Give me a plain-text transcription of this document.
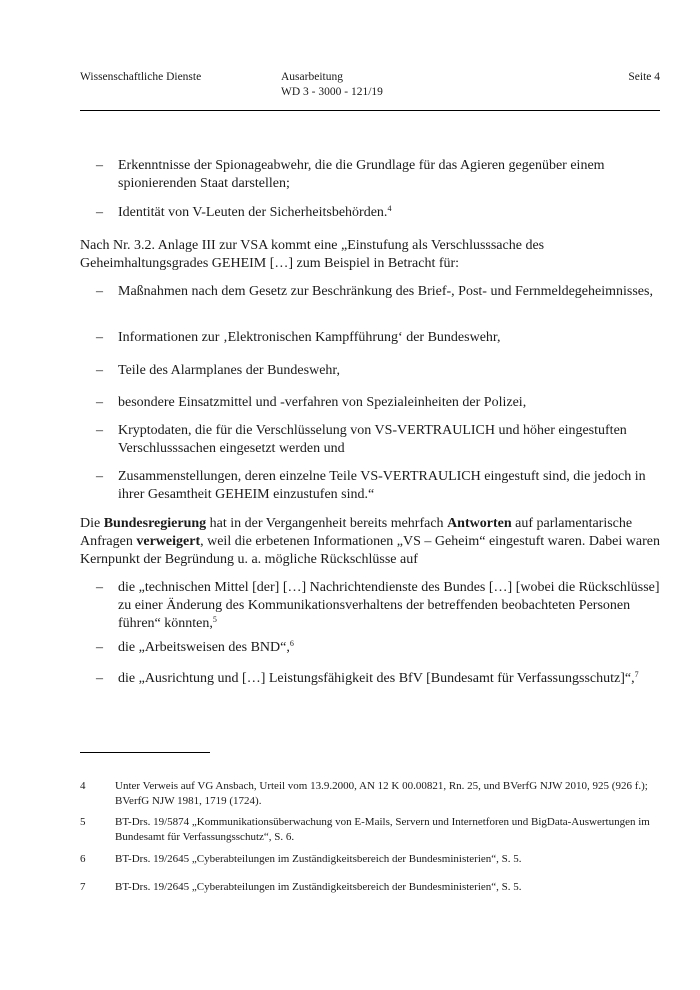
Wissenschaftliche Dienste	Ausarbeitung
WD 3 - 3000 - 121/19
Seite 4
– Erkenntnisse der Spionageabwehr, die die Grundlage für das Agieren gegenüber einem spionierenden Staat darstellen;
– Identität von V-Leuten der Sicherheitsbehörden.$^4$
Nach Nr. 3.2. Anlage III zur VSA kommt eine „Einstufung als Verschlusssache des Geheimhaltungsgrades GEHEIM […] zum Beispiel in Betracht für:
– Maßnahmen nach dem Gesetz zur Beschränkung des Brief-, Post- und Fernmeldegeheimnisses,
– Informationen zur ‚Elektronischen Kampfführung‘ der Bundeswehr,
– Teile des Alarmplanes der Bundeswehr,
– besondere Einsatzmittel und -verfahren von Spezialeinheiten der Polizei,
– Kryptodaten, die für die Verschlüsselung von VS-VERTRAULICH und höher eingestuften Verschlusssachen eingesetzt werden und
– Zusammenstellungen, deren einzelne Teile VS-VERTRAULICH eingestuft sind, die jedoch in ihrer Gesamtheit GEHEIM einzustufen sind.“
Die Bundesregierung hat in der Vergangenheit bereits mehrfach Antworten auf parlamentarische Anfragen verweigert, weil die erbetenen Informationen „VS – Geheim“ eingestuft waren. Dabei waren Kernpunkt der Begründung u. a. mögliche Rückschlüsse auf
– die „technischen Mittel [der] […] Nachrichtendienste des Bundes […] [wobei die Rückschlüsse] zu einer Änderung des Kommunikationsverhaltens der betreffenden beobachteten Personen führen“ könnten,$^5$
– die „Arbeitsweisen des BND“,$^6$
– die „Ausrichtung und […] Leistungsfähigkeit des BfV [Bundesamt für Verfassungsschutz]“,$^7$
4	Unter Verweis auf VG Ansbach, Urteil vom 13.9.2000, AN 12 K 00.00821, Rn. 25, und BVerfG NJW 2010, 925 (926 f.); BVerfG NJW 1981, 1719 (1724).
5	BT-Drs. 19/5874 „Kommunikationsüberwachung von E-Mails, Servern und Internetforen und BigData-Auswertungen im Bundesamt für Verfassungsschutz“, S. 6.
6	BT-Drs. 19/2645 „Cyberabteilungen im Zuständigkeitsbereich der Bundesministerien“, S. 5.
7	BT-Drs. 19/2645 „Cyberabteilungen im Zuständigkeitsbereich der Bundesministerien“, S. 5.
